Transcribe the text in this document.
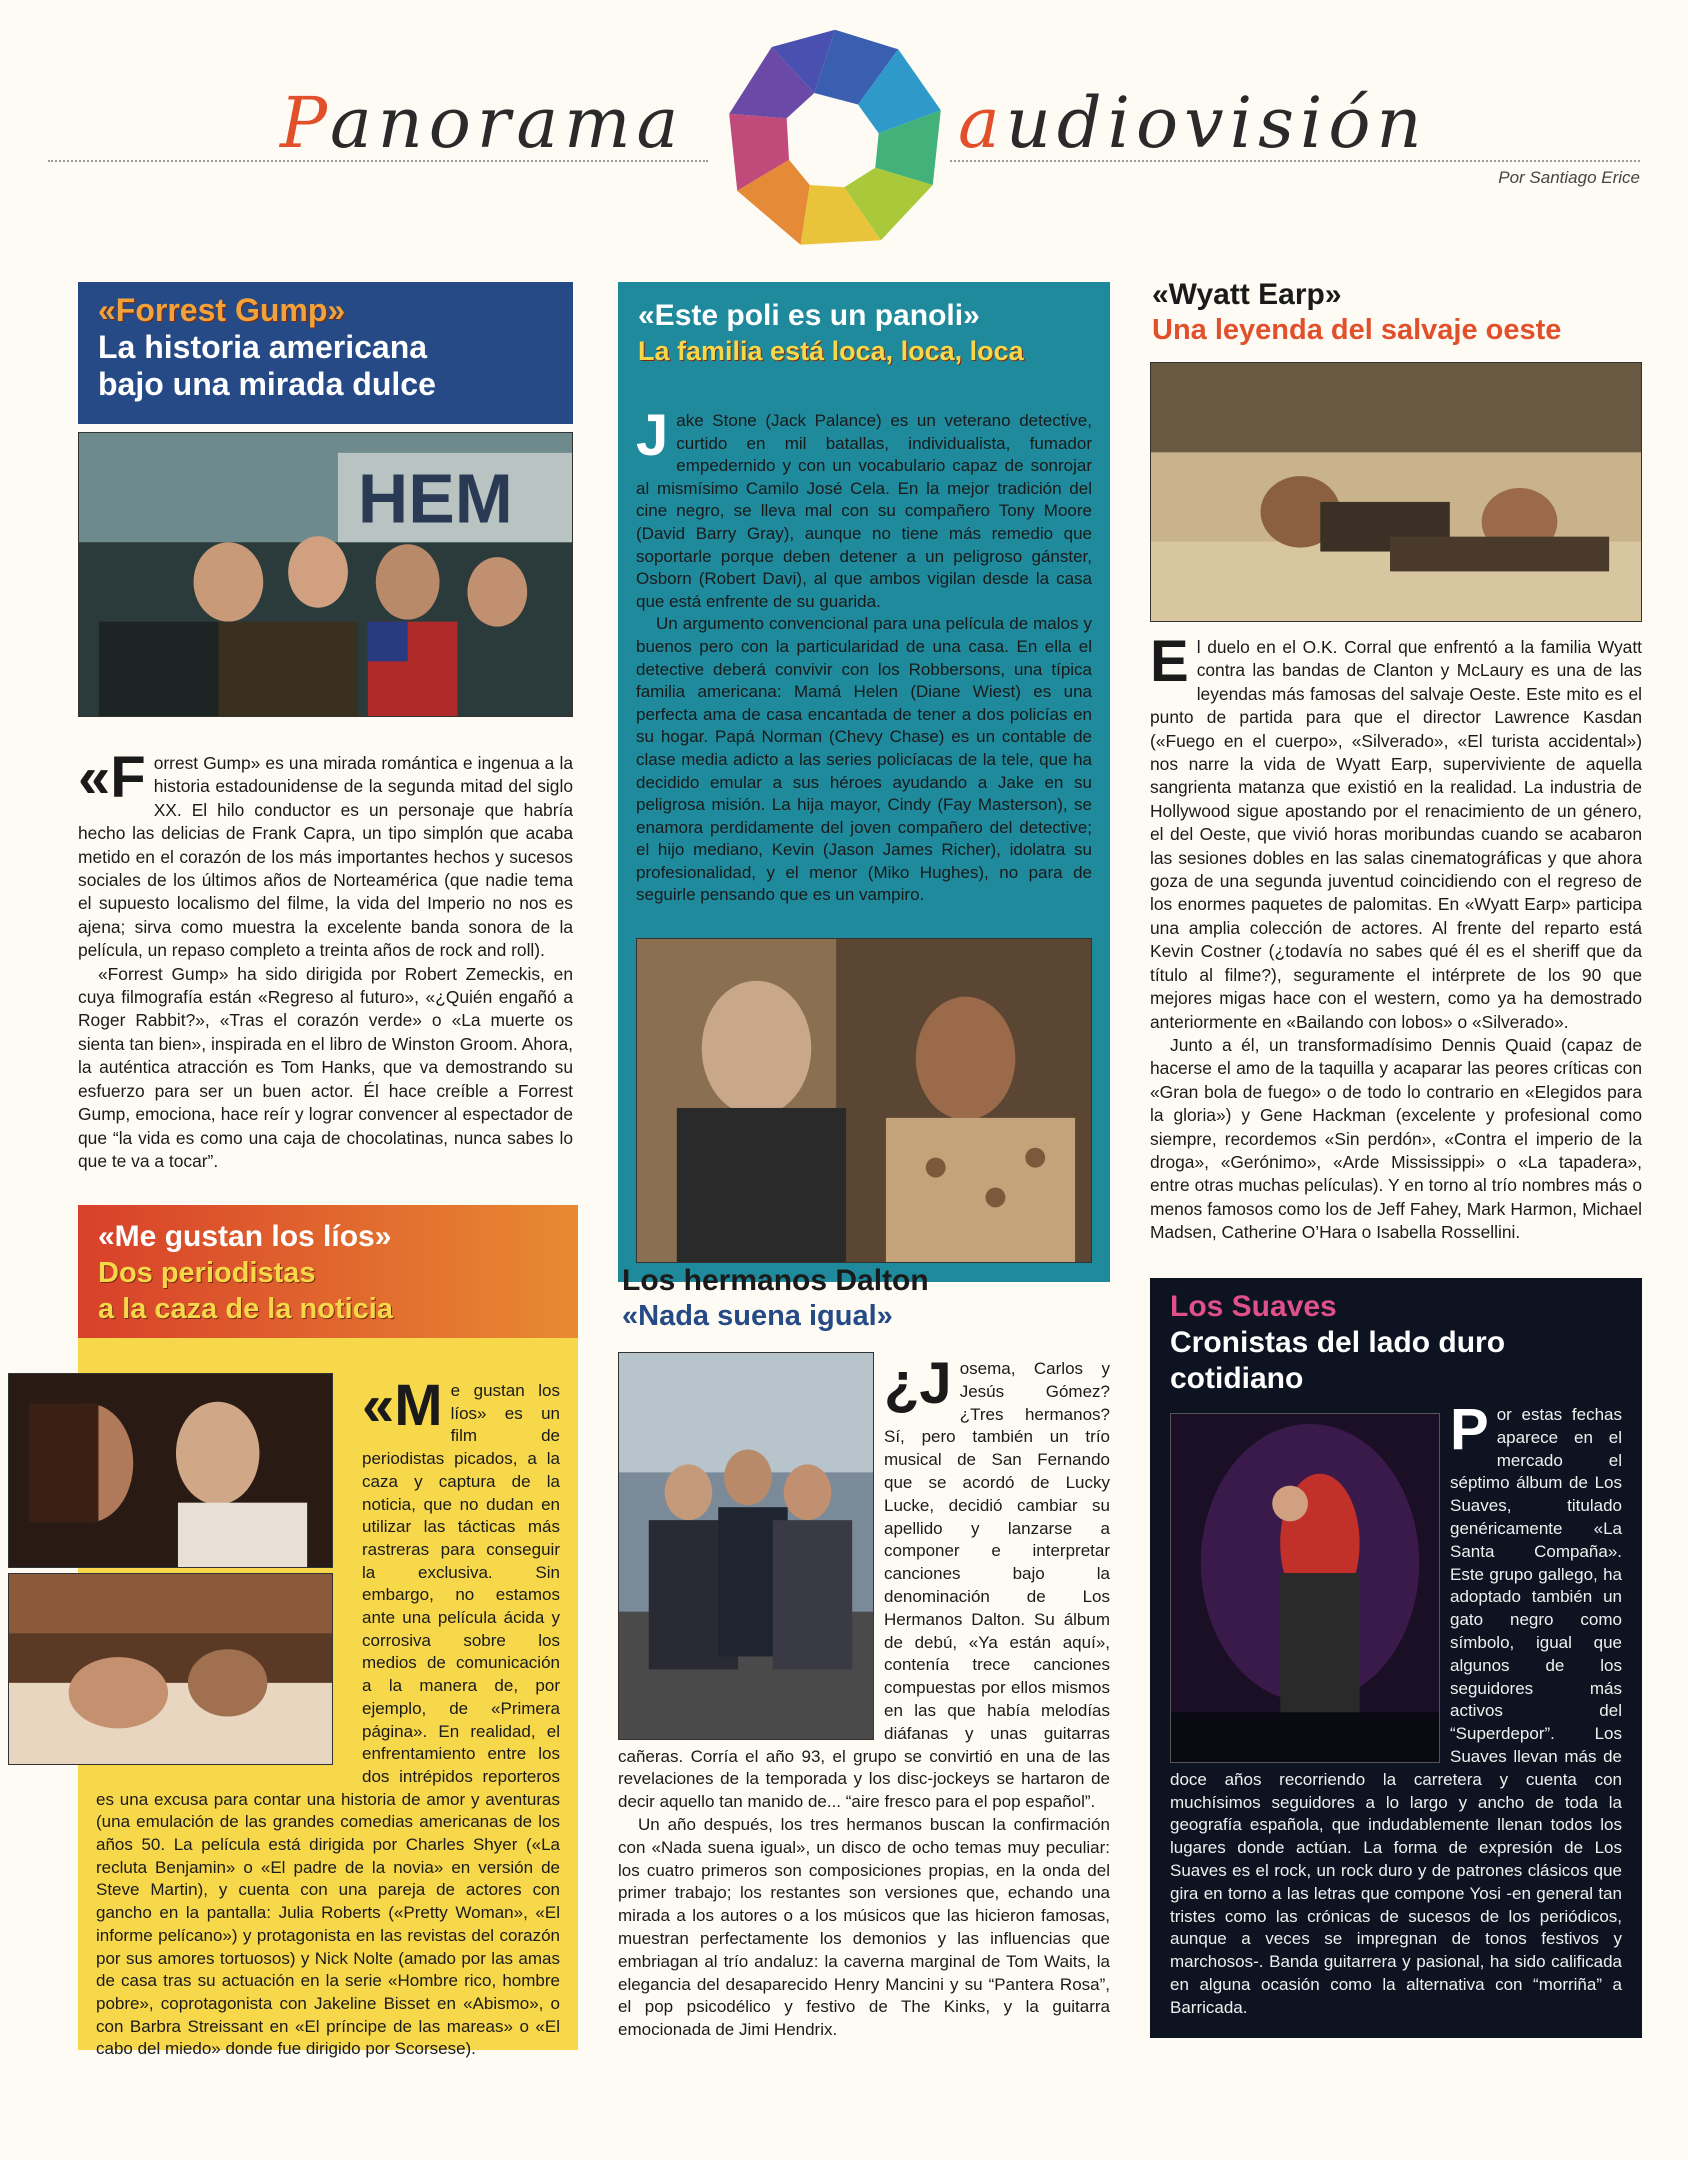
Panorama	audiovisión
Por Santiago Erice
«Forrest Gump»
La historia americana
bajo una mirada dulce
HEM

«Forrest Gump» es una mirada romántica e ingenua a la historia estadounidense de la segunda mitad del siglo XX. El hilo conductor es un personaje que habría hecho las delicias de Frank Capra, un tipo simplón que acaba metido en el corazón de los más importantes hechos y sucesos sociales de los últimos años de Norteamérica (que nadie tema el supuesto localismo del filme, la vida del Imperio no nos es ajena; sirva como muestra la excelente banda sonora de la película, un repaso completo a treinta años de rock and roll).

«Forrest Gump» ha sido dirigida por Robert Zemeckis, en cuya filmografía están «Regreso al futuro», «¿Quién engañó a Roger Rabbit?», «Tras el corazón verde» o «La muerte os sienta tan bien», inspirada en el libro de Winston Groom. Ahora, la auténtica atracción es Tom Hanks, que va demostrando su esfuerzo para ser un buen actor. Él hace creíble a Forrest Gump, emociona, hace reír y lograr convencer al espectador de que “la vida es como una caja de chocolatinas, nunca sabes lo que te va a tocar”.

«Este poli es un panoli»
La familia está loca, loca, loca

Jake Stone (Jack Palance) es un veterano detective, curtido en mil batallas, individualista, fumador empedernido y con un vocabulario capaz de sonrojar al mismísimo Camilo José Cela. En la mejor tradición del cine negro, se lleva mal con su compañero Tony Moore (David Barry Gray), aunque no tiene más remedio que soportarle porque deben detener a un peligroso gánster, Osborn (Robert Davi), al que ambos vigilan desde la casa que está enfrente de su guarida.

Un argumento convencional para una película de malos y buenos pero con la particularidad de una casa. En ella el detective deberá convivir con los Robbersons, una típica familia americana: Mamá Helen (Diane Wiest) es una perfecta ama de casa encantada de tener a dos policías en su hogar. Papá Norman (Chevy Chase) es un contable de clase media adicto a las series policíacas de la tele, que ha decidido emular a sus héroes ayudando a Jake en su peligrosa misión. La hija mayor, Cindy (Fay Masterson), se enamora perdidamente del joven compañero del detective; el hijo mediano, Kevin (Jason James Richer), idolatra su profesionalidad, y el menor (Miko Hughes), no para de seguirle pensando que es un vampiro.

«Wyatt Earp»
Una leyenda del salvaje oeste

El duelo en el O.K. Corral que enfrentó a la familia Wyatt contra las bandas de Clanton y McLaury es una de las leyendas más famosas del salvaje Oeste. Este mito es el punto de partida para que el director Lawrence Kasdan («Fuego en el cuerpo», «Silverado», «El turista accidental») nos narre la vida de Wyatt Earp, superviviente de aquella sangrienta matanza que existió en la realidad. La industria de Hollywood sigue apostando por el renacimiento de un género, el del Oeste, que vivió horas moribundas cuando se acabaron las sesiones dobles en las salas cinematográficas y que ahora goza de una segunda juventud coincidiendo con el regreso de los enormes paquetes de palomitas. En «Wyatt Earp» participa una amplia colección de actores. Al frente del reparto está Kevin Costner (¿todavía no sabes qué él es el sheriff que da título al filme?), seguramente el intérprete de los 90 que mejores migas hace con el western, como ya ha demostrado anteriormente en «Bailando con lobos» o «Silverado».

Junto a él, un transformadísimo Dennis Quaid (capaz de hacerse el amo de la taquilla y acaparar las peores críticas con «Gran bola de fuego» o de todo lo contrario en «Elegidos para la gloria») y Gene Hackman (excelente y profesional como siempre, recordemos «Sin perdón», «Contra el imperio de la droga», «Gerónimo», «Arde Mississippi» o «La tapadera», entre otras muchas películas). Y en torno al trío nombres más o menos famosos como los de Jeff Fahey, Mark Harmon, Michael Madsen, Catherine O’Hara o Isabella Rossellini.

«Me gustan los líos»
Dos periodistas
a la caza de la noticia

«Me gustan los líos» es un film de periodistas picados, a la caza y captura de la noticia, que no dudan en utilizar las tácticas más rastreras para conseguir la exclusiva. Sin embargo, no estamos ante una película ácida y corrosiva sobre los medios de comunicación a la manera de, por ejemplo, de «Primera página». En realidad, el enfrentamiento entre los dos intrépidos reporteros es una excusa para contar una historia de amor y aventuras (una emulación de las grandes comedias americanas de los años 50. La película está dirigida por Charles Shyer («La recluta Benjamin» o «El padre de la novia» en versión de Steve Martin), y cuenta con una pareja de actores con gancho en la pantalla: Julia Roberts («Pretty Woman», «El informe pelícano») y protagonista en las revistas del corazón por sus amores tortuosos) y Nick Nolte (amado por las amas de casa tras su actuación en la serie «Hombre rico, hombre pobre», coprotagonista con Jakeline Bisset en «Abismo», o con Barbra Streissant en «El príncipe de las mareas» o «El cabo del miedo» donde fue dirigido por Scorsese).

Los hermanos Dalton
«Nada suena igual»

¿J osema, Carlos y Jesús Gómez? ¿Tres hermanos? Sí, pero también un trío musical de San Fernando que se acordó de Lucky Lucke, decidió cambiar su apellido y lanzarse a componer e interpretar canciones bajo la denominación de Los Hermanos Dalton. Su álbum de debú, «Ya están aquí», contenía trece canciones compuestas por ellos mismos en las que había melodías diáfanas y unas guitarras cañeras. Corría el año 93, el grupo se convirtió en una de las revelaciones de la temporada y los disc-jockeys se hartaron de decir aquello tan manido de... “aire fresco para el pop español”.

Un año después, los tres hermanos buscan la confirmación con «Nada suena igual», un disco de ocho temas muy peculiar: los cuatro primeros son composiciones propias, en la onda del primer trabajo; los restantes son versiones que, echando una mirada a los autores o a los músicos que las hicieron famosas, muestran perfectamente los demonios y las influencias que embriagan al trío andaluz: la caverna marginal de Tom Waits, la elegancia del desaparecido Henry Mancini y su “Pantera Rosa”, el pop psicodélico y festivo de The Kinks, y la guitarra emocionada de Jimi Hendrix.

Los Suaves
Cronistas del lado duro
cotidiano

Por estas fechas aparece en el mercado el séptimo álbum de Los Suaves, titulado genéricamente «La Santa Compaña». Este grupo gallego, ha adoptado también un gato negro como símbolo, igual que algunos de los seguidores más activos del “Superdepor”. Los Suaves llevan más de doce años recorriendo la carretera y cuenta con muchísimos seguidores a lo largo y ancho de toda la geografía española, que indudablemente llenan todos los lugares donde actúan. La forma de expresión de Los Suaves es el rock, un rock duro y de patrones clásicos que gira en torno a las letras que compone Yosi -en general tan tristes como las crónicas de sucesos de los periódicos, aunque a veces se impregnan de tonos festivos y marchosos-. Banda guitarrera y pasional, ha sido calificada en alguna ocasión como la alternativa con “morriña” a Barricada.
